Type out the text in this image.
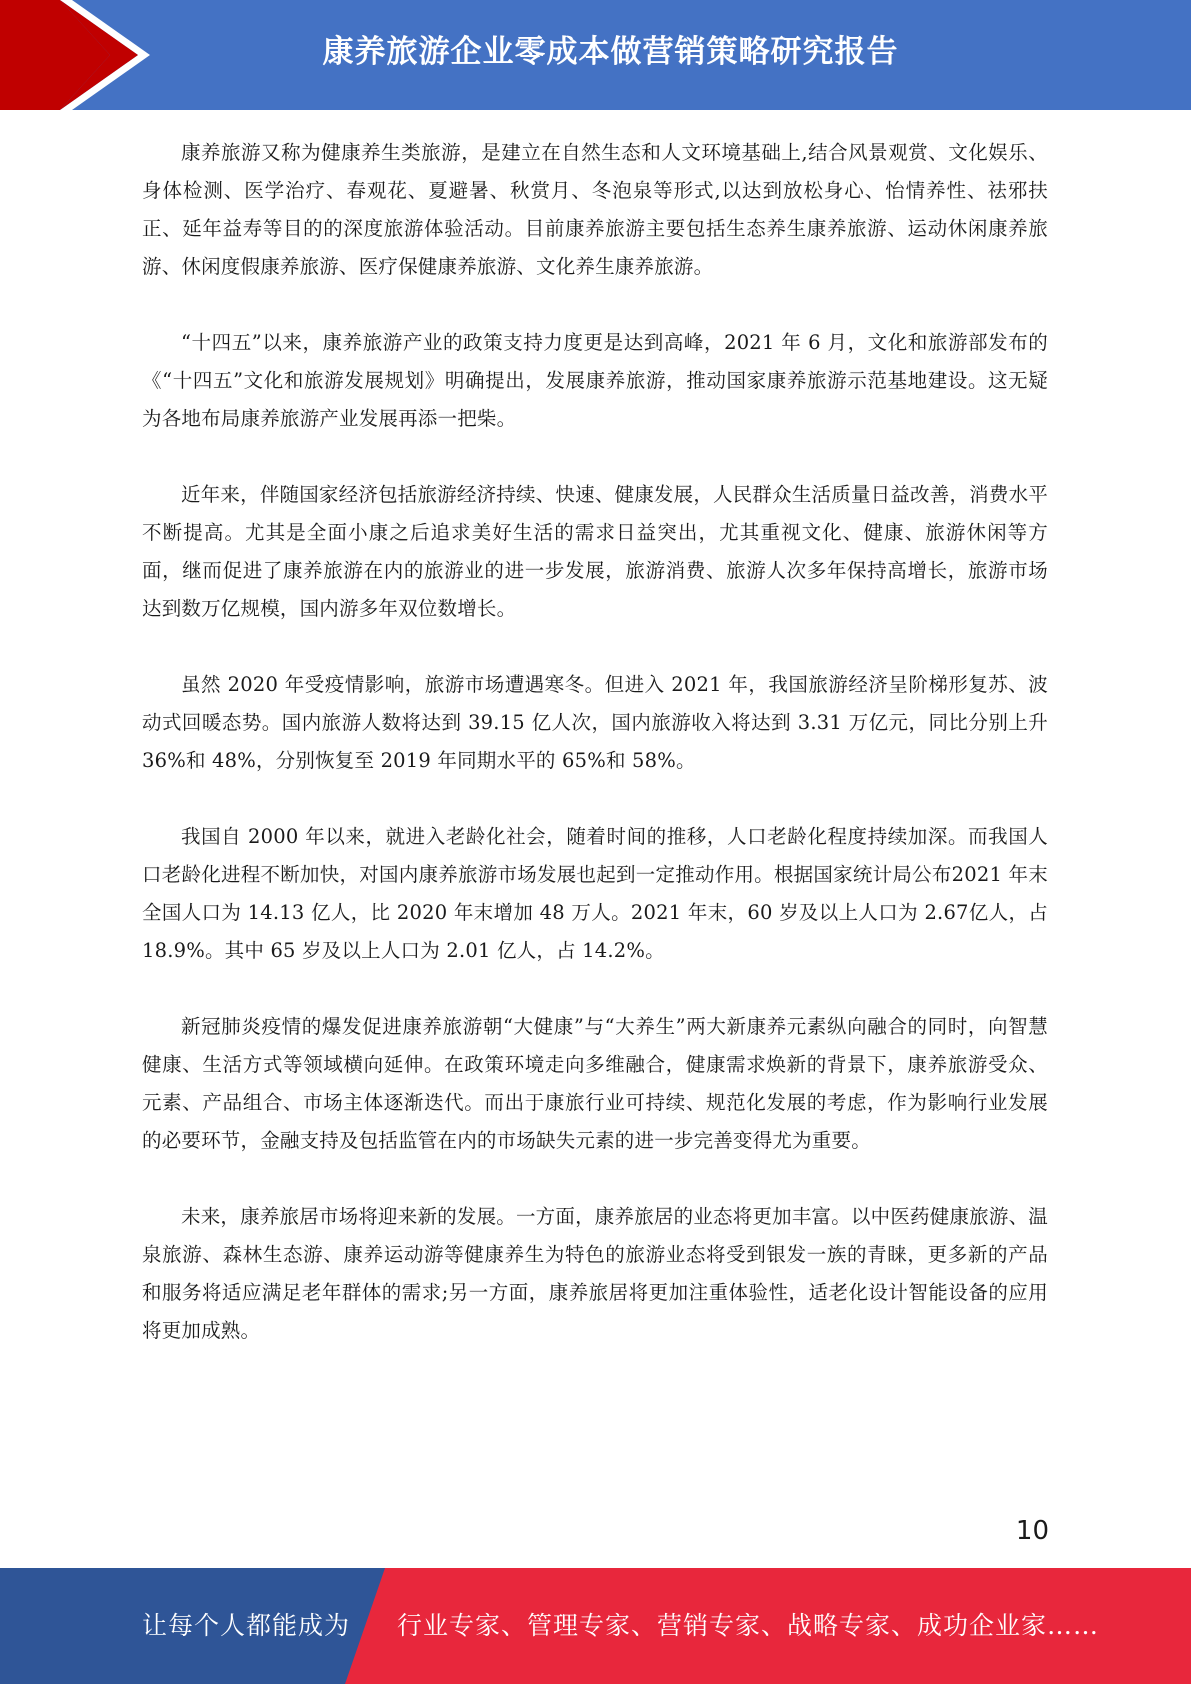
康养旅游企业零成本做营销策略研究报告

康养旅游又称为健康养生类旅游，是建立在自然生态和人文环境基础上,结合风景观赏、文化娱乐、身体检测、医学治疗、春观花、夏避暑、秋赏月、冬泡泉等形式,以达到放松身心、怡情养性、祛邪扶正、延年益寿等目的的深度旅游体验活动。目前康养旅游主要包括生态养生康养旅游、运动休闲康养旅游、休闲度假康养旅游、医疗保健康养旅游、文化养生康养旅游。

“十四五”以来，康养旅游产业的政策支持力度更是达到高峰，2021 年 6 月，文化和旅游部发布的《“十四五”文化和旅游发展规划》明确提出，发展康养旅游，推动国家康养旅游示范基地建设。这无疑为各地布局康养旅游产业发展再添一把柴。

近年来，伴随国家经济包括旅游经济持续、快速、健康发展，人民群众生活质量日益改善，消费水平不断提高。尤其是全面小康之后追求美好生活的需求日益突出，尤其重视文化、健康、旅游休闲等方面，继而促进了康养旅游在内的旅游业的进一步发展，旅游消费、旅游人次多年保持高增长，旅游市场达到数万亿规模，国内游多年双位数增长。

虽然 2020 年受疫情影响，旅游市场遭遇寒冬。但进入 2021 年，我国旅游经济呈阶梯形复苏、波动式回暖态势。国内旅游人数将达到 39.15 亿人次，国内旅游收入将达到 3.31 万亿元，同比分别上升 36%和 48%，分别恢复至 2019 年同期水平的 65%和 58%。

我国自 2000 年以来，就进入老龄化社会，随着时间的推移，人口老龄化程度持续加深。而我国人口老龄化进程不断加快，对国内康养旅游市场发展也起到一定推动作用。根据国家统计局公布2021 年末全国人口为 14.13 亿人，比 2020 年末增加 48 万人。2021 年末，60 岁及以上人口为 2.67亿人，占 18.9%。其中 65 岁及以上人口为 2.01 亿人，占 14.2%。

新冠肺炎疫情的爆发促进康养旅游朝“大健康”与“大养生”两大新康养元素纵向融合的同时，向智慧健康、生活方式等领域横向延伸。在政策环境走向多维融合，健康需求焕新的背景下，康养旅游受众、元素、产品组合、市场主体逐渐迭代。而出于康旅行业可持续、规范化发展的考虑，作为影响行业发展的必要环节，金融支持及包括监管在内的市场缺失元素的进一步完善变得尤为重要。

未来，康养旅居市场将迎来新的发展。一方面，康养旅居的业态将更加丰富。以中医药健康旅游、温泉旅游、森林生态游、康养运动游等健康养生为特色的旅游业态将受到银发一族的青睐，更多新的产品和服务将适应满足老年群体的需求;另一方面，康养旅居将更加注重体验性，适老化设计智能设备的应用将更加成熟。

10
让每个人都能成为 行业专家、管理专家、营销专家、战略专家、成功企业家……
